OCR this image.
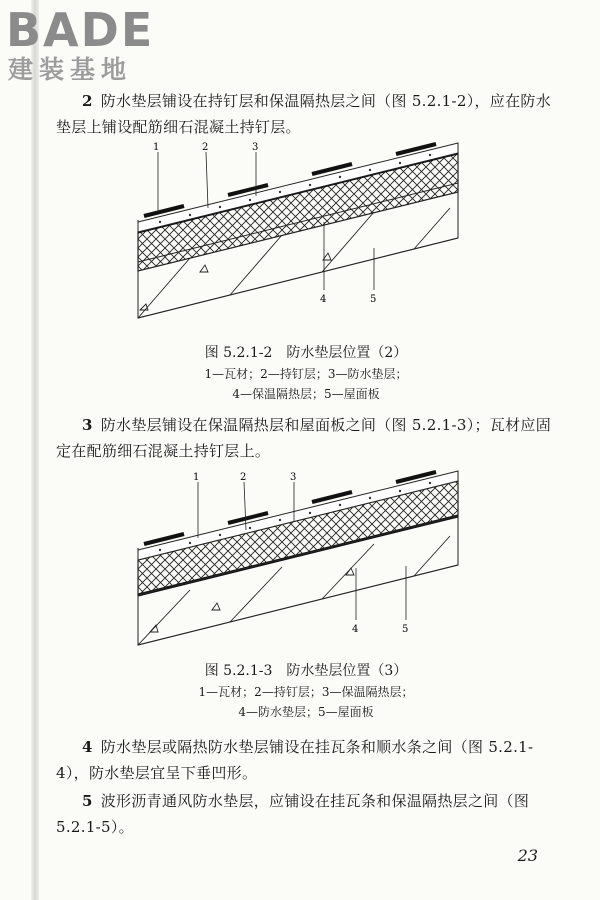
BADE
建装基地
2 防水垫层铺设在持钉层和保温隔热层之间（图 5.2.1-2），应在防水垫层上铺设配筋细石混凝土持钉层。
1	2	3
4	5
图 5.2.1-2　防水垫层位置（2）
1—瓦材；2—持钉层；3—防水垫层；
4—保温隔热层；5—屋面板
3 防水垫层铺设在保温隔热层和屋面板之间（图 5.2.1-3）；瓦材应固定在配筋细石混凝土持钉层上。
1	2	3
4	5
图 5.2.1-3　防水垫层位置（3）
1—瓦材；2—持钉层；3—保温隔热层；
4—防水垫层；5—屋面板
4 防水垫层或隔热防水垫层铺设在挂瓦条和顺水条之间（图 5.2.1-4），防水垫层宜呈下垂凹形。
5 波形沥青通风防水垫层，应铺设在挂瓦条和保温隔热层之间（图 5.2.1-5）。
23
